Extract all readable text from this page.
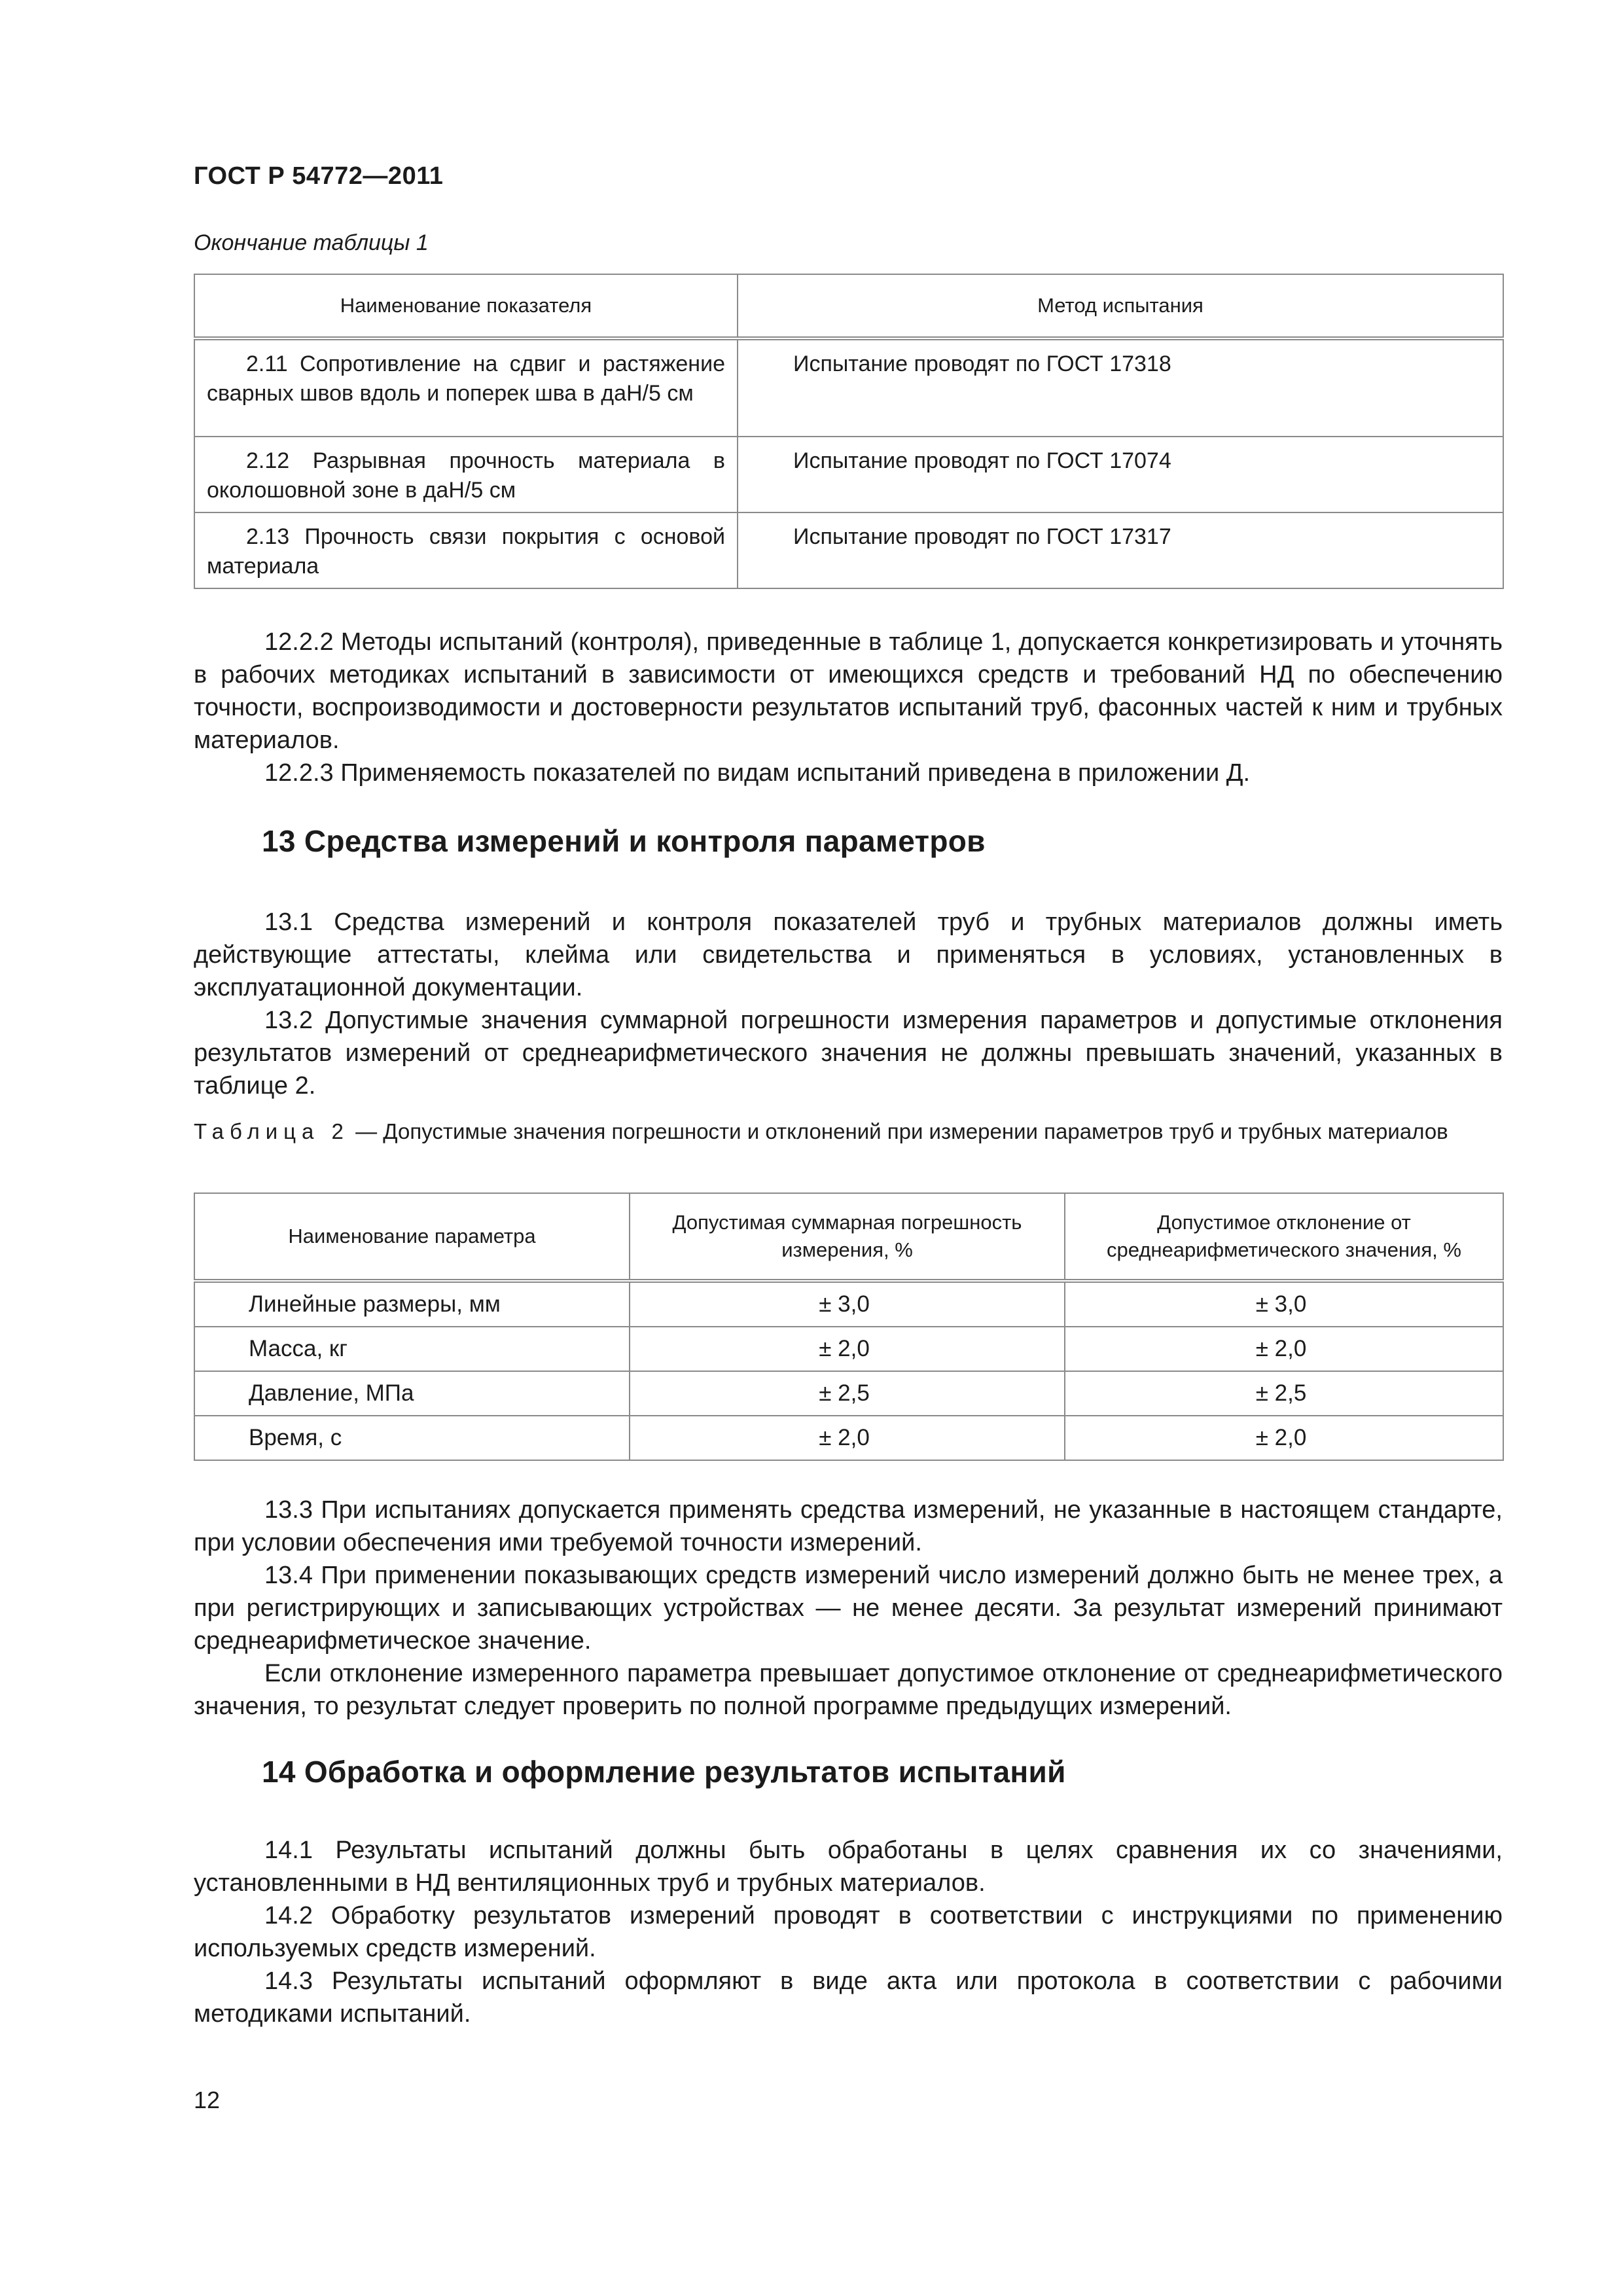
ГОСТ Р 54772—2011
Окончание таблицы 1
Наименование показателя	Метод испытания
2.11 Сопротивление на сдвиг и растяжение сварных швов вдоль и поперек шва в даН/5 см	Испытание проводят по ГОСТ 17318
2.12 Разрывная прочность материала в околошовной зоне в даН/5 см	Испытание проводят по ГОСТ 17074
2.13 Прочность связи покрытия с основой материала	Испытание проводят по ГОСТ 17317
12.2.2 Методы испытаний (контроля), приведенные в таблице 1, допускается конкретизировать и уточнять в рабочих методиках испытаний в зависимости от имеющихся средств и требований НД по обеспечению точности, воспроизводимости и достоверности результатов испытаний труб, фасонных частей к ним и трубных материалов.
12.2.3 Применяемость показателей по видам испытаний приведена в приложении Д.
13 Средства измерений и контроля параметров
13.1 Средства измерений и контроля показателей труб и трубных материалов должны иметь действующие аттестаты, клейма или свидетельства и применяться в условиях, установленных в эксплуатационной документации.
13.2 Допустимые значения суммарной погрешности измерения параметров и допустимые отклонения результатов измерений от среднеарифметического значения не должны превышать значений, указанных в таблице 2.
Таблица 2 — Допустимые значения погрешности и отклонений при измерении параметров труб и трубных материалов
Наименование параметра	Допустимая суммарная погрешность измерения, %	Допустимое отклонение от среднеарифметического значения, %
Линейные размеры, мм	± 3,0	± 3,0
Масса, кг	± 2,0	± 2,0
Давление, МПа	± 2,5	± 2,5
Время, с	± 2,0	± 2,0
13.3 При испытаниях допускается применять средства измерений, не указанные в настоящем стандарте, при условии обеспечения ими требуемой точности измерений.
13.4 При применении показывающих средств измерений число измерений должно быть не менее трех, а при регистрирующих и записывающих устройствах — не менее десяти. За результат измерений принимают среднеарифметическое значение.
Если отклонение измеренного параметра превышает допустимое отклонение от среднеарифметического значения, то результат следует проверить по полной программе предыдущих измерений.
14 Обработка и оформление результатов испытаний
14.1 Результаты испытаний должны быть обработаны в целях сравнения их со значениями, установленными в НД вентиляционных труб и трубных материалов.
14.2 Обработку результатов измерений проводят в соответствии с инструкциями по применению используемых средств измерений.
14.3 Результаты испытаний оформляют в виде акта или протокола в соответствии с рабочими методиками испытаний.
12
